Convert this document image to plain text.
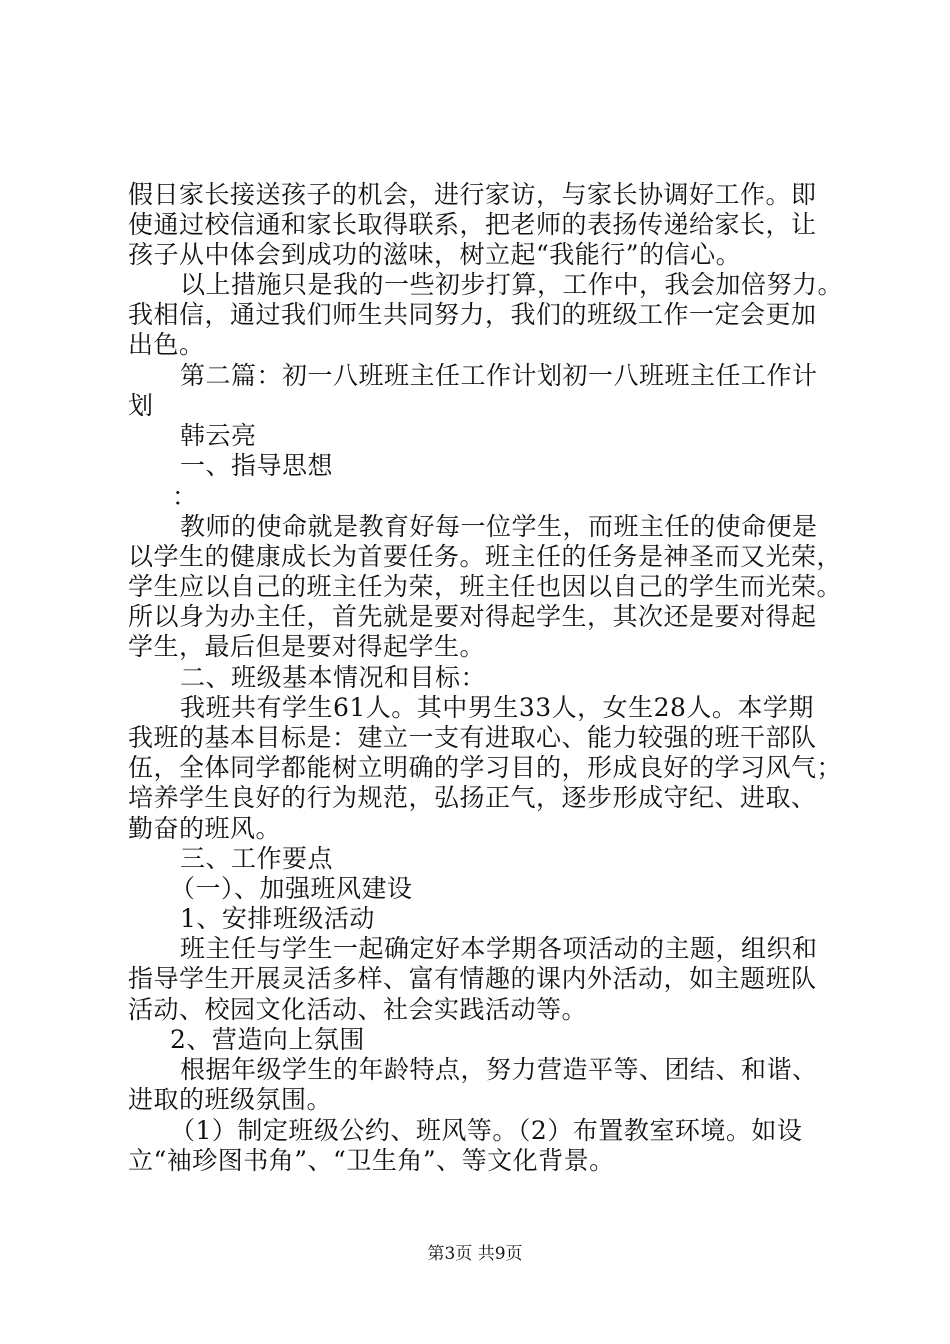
假日家长接送孩子的机会，进行家访，与家长协调好工作。即
使通过校信通和家长取得联系，把老师的表扬传递给家长，让
孩子从中体会到成功的滋味，树立起“我能行”的信心。
以上措施只是我的一些初步打算，工作中，我会加倍努力。
我相信，通过我们师生共同努力，我们的班级工作一定会更加
出色。
第二篇：初一八班班主任工作计划初一八班班主任工作计
划
韩云亮
一、指导思想
：
教师的使命就是教育好每一位学生，而班主任的使命便是
以学生的健康成长为首要任务。班主任的任务是神圣而又光荣，
学生应以自己的班主任为荣，班主任也因以自己的学生而光荣。
所以身为办主任，首先就是要对得起学生，其次还是要对得起
学生，最后但是要对得起学生。
二、班级基本情况和目标：
我班共有学生61人。其中男生33人，女生28人。本学期
我班的基本目标是：建立一支有进取心、能力较强的班干部队
伍，全体同学都能树立明确的学习目的，形成良好的学习风气；
培养学生良好的行为规范，弘扬正气，逐步形成守纪、进取、
勤奋的班风。
三、工作要点
（一）、加强班风建设
1、安排班级活动
班主任与学生一起确定好本学期各项活动的主题，组织和
指导学生开展灵活多样、富有情趣的课内外活动，如主题班队
活动、校园文化活动、社会实践活动等。
2、营造向上氛围
根据年级学生的年龄特点，努力营造平等、团结、和谐、
进取的班级氛围。
（1）制定班级公约、班风等。（2）布置教室环境。如设
立“袖珍图书角”、“卫生角”、等文化背景。
第3页 共9页
